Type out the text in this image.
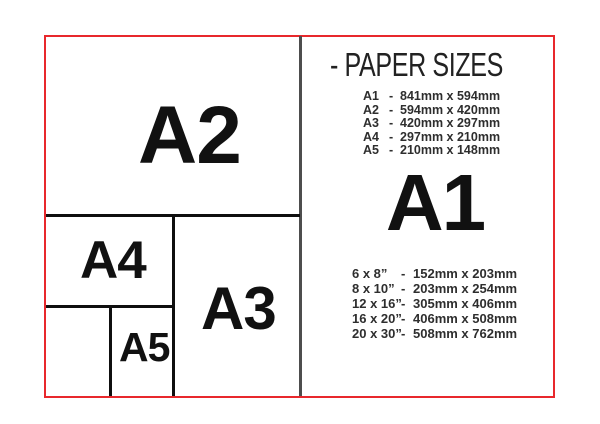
A2
A4
A3
A5
- PAPER SIZES
A1 - 841mm x 594mm
A2 - 594mm x 420mm
A3 - 420mm x 297mm
A4 - 297mm x 210mm
A5 - 210mm x 148mm
A1
6 x 8” - 152mm x 203mm
8 x 10” - 203mm x 254mm
12 x 16”- 305mm x 406mm
16 x 20”- 406mm x 508mm
20 x 30”- 508mm x 762mm
